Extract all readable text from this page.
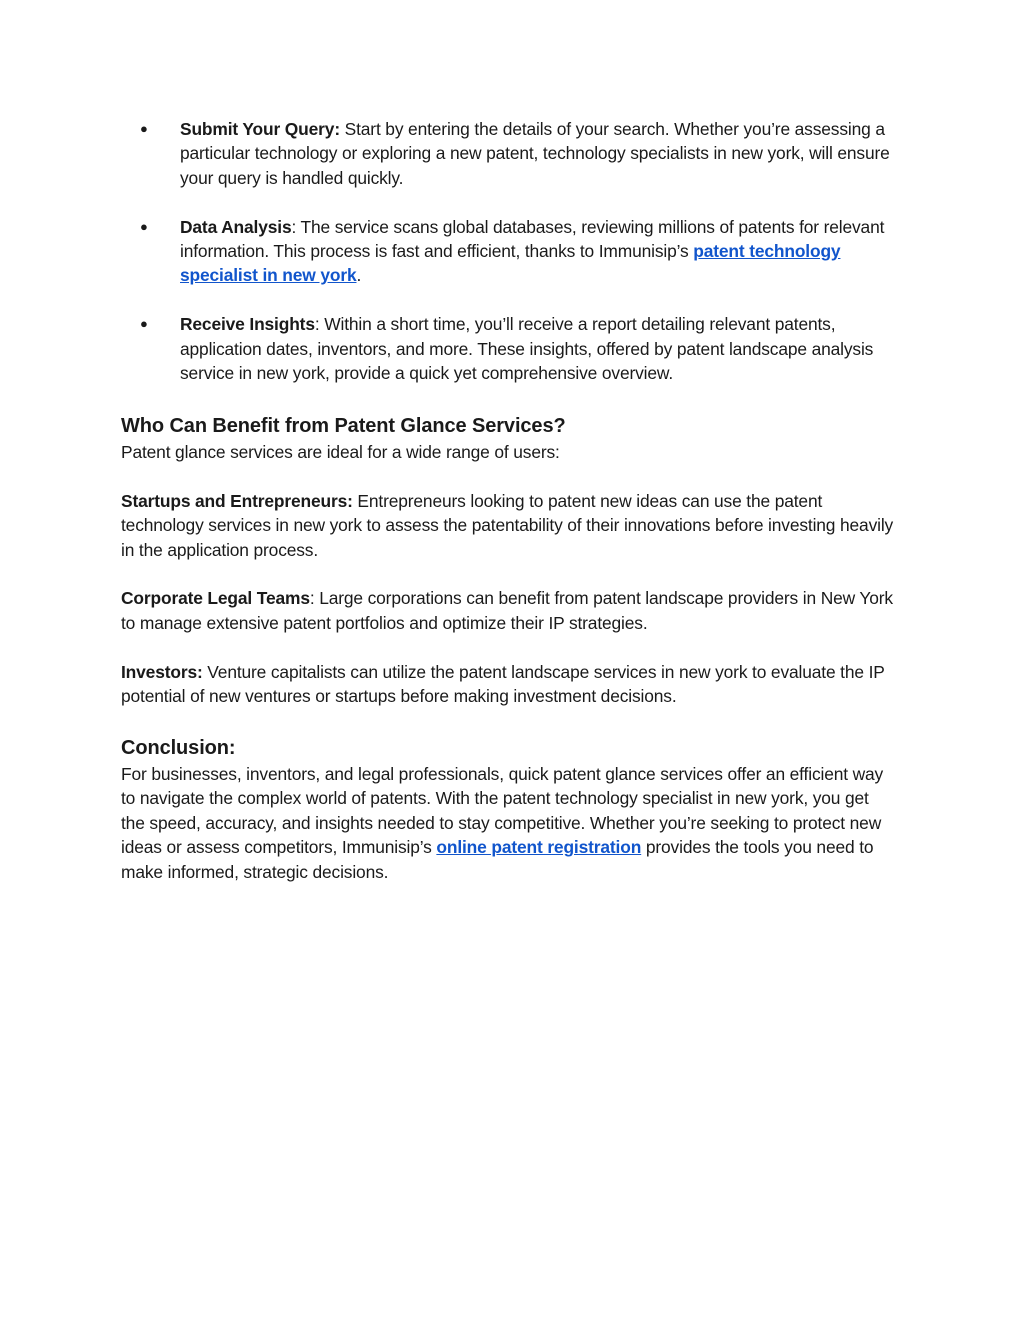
● Submit Your Query: Start by entering the details of your search. Whether you’re assessing a particular technology or exploring a new patent, technology specialists in new york, will ensure your query is handled quickly.
● Data Analysis: The service scans global databases, reviewing millions of patents for relevant information. This process is fast and efficient, thanks to Immunisip’s patent technology specialist in new york.
● Receive Insights: Within a short time, you’ll receive a report detailing relevant patents, application dates, inventors, and more. These insights, offered by patent landscape analysis service in new york, provide a quick yet comprehensive overview.
Who Can Benefit from Patent Glance Services?

Patent glance services are ideal for a wide range of users:

Startups and Entrepreneurs: Entrepreneurs looking to patent new ideas can use the patent technology services in new york to assess the patentability of their innovations before investing heavily in the application process.

Corporate Legal Teams: Large corporations can benefit from patent landscape providers in New York to manage extensive patent portfolios and optimize their IP strategies.

Investors: Venture capitalists can utilize the patent landscape services in new york to evaluate the IP potential of new ventures or startups before making investment decisions.

Conclusion:

For businesses, inventors, and legal professionals, quick patent glance services offer an efficient way to navigate the complex world of patents. With the patent technology specialist in new york, you get the speed, accuracy, and insights needed to stay competitive. Whether you’re seeking to protect new ideas or assess competitors, Immunisip’s online patent registration provides the tools you need to make informed, strategic decisions.
